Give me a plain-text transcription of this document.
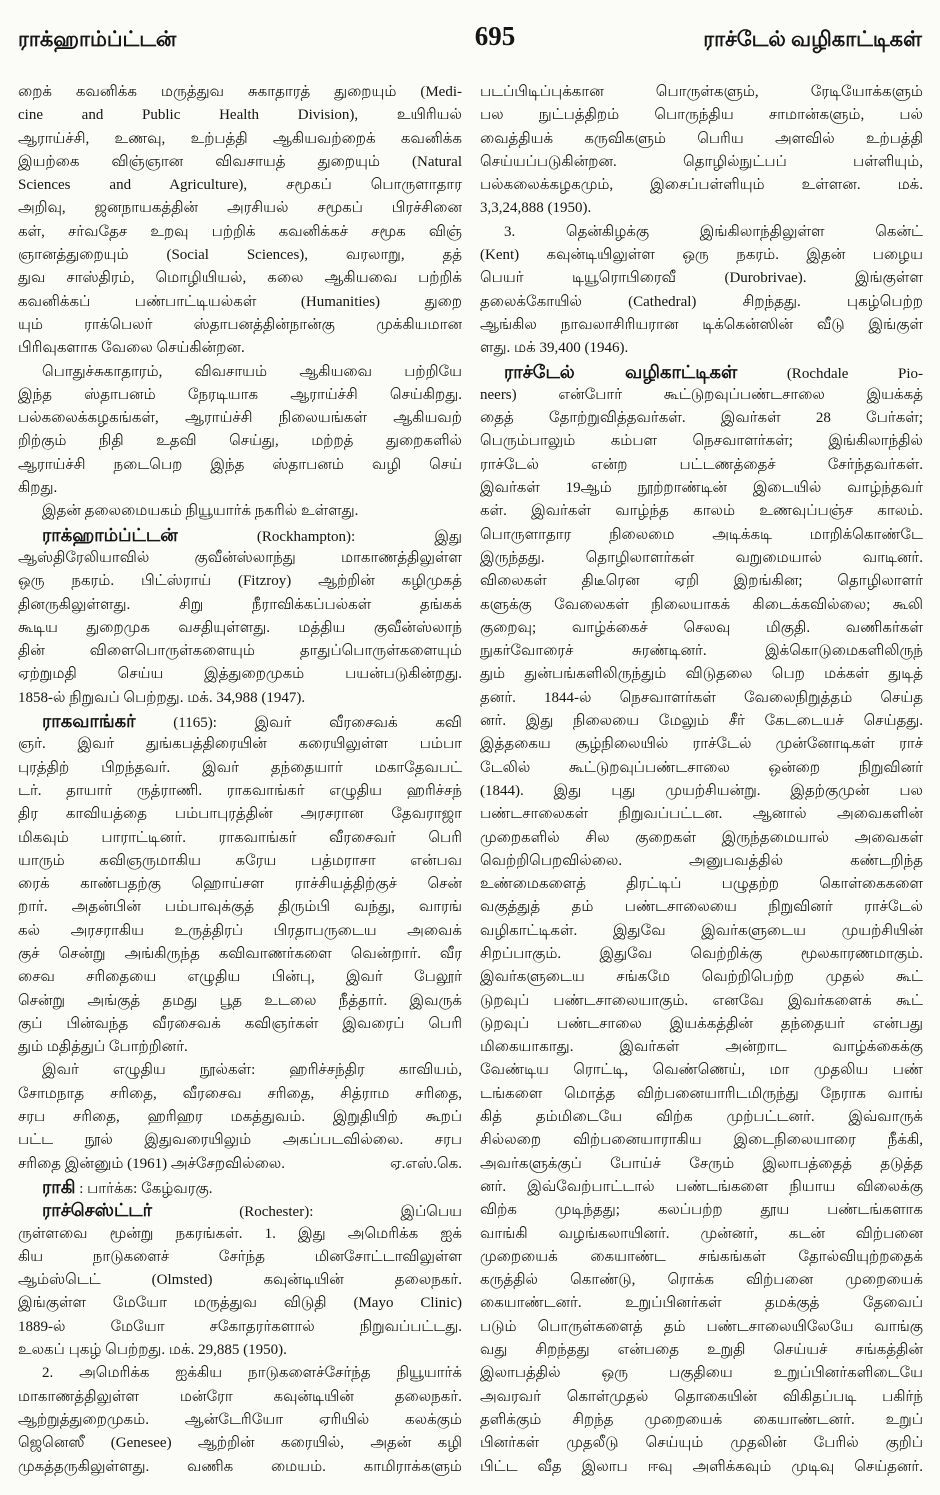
ராக்ஹாம்ப்ட்டன்	695	ராச்டேல் வழிகாட்டிகள்
றைக் கவனிக்க மருத்துவ சுகாதாரத் துறையும் (Medi-
cine and Public Health Division), உயிரியல்
ஆராய்ச்சி, உணவு, உற்பத்தி ஆகியவற்றைக் கவனிக்க
இயற்கை விஞ்ஞான விவசாயத் துறையும் (Natural
Sciences and Agriculture), சமூகப் பொருளாதார
அறிவு, ஜனநாயகத்தின் அரசியல் சமூகப் பிரச்சினை
கள், சர்வதேச உறவு பற்றிக் கவனிக்கச் சமூக விஞ்
ஞானத்துறையும் (Social Sciences), வரலாறு, தத்
துவ சாஸ்திரம், மொழியியல், கலை ஆகியவை பற்றிக்
கவனிக்கப் பண்பாட்டியல்கள் (Humanities) துறை
யும் ராக்பெலர் ஸ்தாபனத்தின்நான்கு முக்கியமான
பிரிவுகளாக வேலை செய்கின்றன.
பொதுச்சுகாதாரம், விவசாயம் ஆகியவை பற்றியே
இந்த ஸ்தாபனம் நேரடியாக ஆராய்ச்சி செய்கிறது.
பல்கலைக்கழகங்கள், ஆராய்ச்சி நிலையங்கள் ஆகியவற்
றிற்கும் நிதி உதவி செய்து, மற்றத் துறைகளில்
ஆராய்ச்சி நடைபெற இந்த ஸ்தாபனம் வழி செய்
கிறது.
இதன் தலைமையகம் நியூயார்க் நகரில் உள்ளது.
ராக்ஹாம்ப்ட்டன் (Rockhampton): இது
ஆஸ்திரேலியாவில் குவீன்ஸ்லாந்து மாகாணத்திலுள்ள
ஒரு நகரம். பிட்ஸ்ராய் (Fitzroy) ஆற்றின் கழிமுகத்
தினருகிலுள்ளது. சிறு நீராவிக்கப்பல்கள் தங்கக்
கூடிய துறைமுக வசதியுள்ளது. மத்திய குவீன்ஸ்லாந்
தின் விளைபொருள்களையும் தாதுப்பொருள்களையும்
ஏற்றுமதி செய்ய இத்துறைமுகம் பயன்படுகின்றது.
1858-ல் நிறுவப் பெற்றது. மக். 34,988 (1947).
ராகவாங்கர் (1165): இவர் வீரசைவக் கவி
ஞர். இவர் துங்கபத்திரையின் கரையிலுள்ள பம்பா
புரத்திற் பிறந்தவர். இவர் தந்தையார் மகாதேவபட்
டர். தாயார் ருத்ராணி. ராகவாங்கர் எழுதிய ஹரிச்சந்
திர காவியத்தை பம்பாபுரத்தின் அரசரான தேவராஜா
மிகவும் பாராட்டினர். ராகவாங்கர் வீரசைவர் பெரி
யாரும் கவிஞருமாகிய கரேய பத்மராசா என்பவ
ரைக் காண்பதற்கு ஹொய்சள ராச்சியத்திற்குச் சென்
றார். அதன்பின் பம்பாவுக்குத் திரும்பி வந்து, வாரங்
கல் அரசராகிய உருத்திரப் பிரதாபருடைய அவைக்
குச் சென்று அங்கிருந்த கவிவாணர்களை வென்றார். வீர
சைவ சரிதையை எழுதிய பின்பு, இவர் பேலூர்
சென்று அங்குத் தமது பூத உடலை நீத்தார். இவருக்
குப் பின்வந்த வீரசைவக் கவிஞர்கள் இவரைப் பெரி
தும் மதித்துப் போற்றினர்.
இவர் எழுதிய நூல்கள்: ஹரிச்சந்திர காவியம்,
சோமநாத சரிதை, வீரசைவ சரிதை, சித்ராம சரிதை,
சரப சரிதை, ஹரிஹர மகத்துவம். இறுதியிற் கூறப்
பட்ட நூல் இதுவரையிலும் அகப்படவில்லை. சரப
ஏ.எஸ்.கெ.
சரிதை இன்னும் (1961) அச்சேறவில்லை.
ராகி : பார்க்க: கேழ்வரகு.
ராச்செஸ்ட்டர் (Rochester): இப்பெய
ருள்ளவை மூன்று நகரங்கள். 1. இது அமெரிக்க ஐக்
கிய நாடுகளைச் சேர்ந்த மினசோட்டாவிலுள்ள
ஆம்ஸ்டெட் (Olmsted) கவுன்டியின் தலைநகர்.
இங்குள்ள மேயோ மருத்துவ விடுதி (Mayo Clinic)
1889-ல் மேயோ சகோதரர்களால் நிறுவப்பட்டது.
உலகப் புகழ் பெற்றது. மக். 29,885 (1950).
2. அமெரிக்க ஐக்கிய நாடுகளைச்சேர்ந்த நியூயார்க்
மாகாணத்திலுள்ள மன்ரோ கவுன்டியின் தலைநகர்.
ஆற்றுத்துறைமுகம். ஆன்டேரியோ ஏரியில் கலக்கும்
ஜெனெஸீ (Genesee) ஆற்றின் கரையில், அதன் கழி
முகத்தருகிலுள்ளது. வணிக மையம். காமிராக்களும்
படப்பிடிப்புக்கான பொருள்களும், ரேடியோக்களும்
பல நுட்பத்திறம் பொருந்திய சாமான்களும், பல்
வைத்தியக் கருவிகளும் பெரிய அளவில் உற்பத்தி
செய்யப்படுகின்றன. தொழில்நுட்பப் பள்ளியும்,
பல்கலைக்கழகமும், இசைப்பள்ளியும் உள்ளன. மக்.
3,3,24,888 (1950).
3. தென்கிழக்கு இங்கிலாந்திலுள்ள கென்ட்
(Kent) கவுன்டியிலுள்ள ஒரு நகரம். இதன் பழைய
பெயர் டியூரொபிரைவீ (Durobrivae). இங்குள்ள
தலைக்கோயில் (Cathedral) சிறந்தது. புகழ்பெற்ற
ஆங்கில நாவலாசிரியரான டிக்கென்ஸின் வீடு இங்குள்
ளது. மக் 39,400 (1946).
ராச்டேல் வழிகாட்டிகள் (Rochdale Pio-
neers) என்போர் கூட்டுறவுப்பண்டசாலை இயக்கத்
தைத் தோற்றுவித்தவர்கள். இவர்கள் 28 பேர்கள்;
பெரும்பாலும் கம்பள நெசவாளர்கள்; இங்கிலாந்தில்
ராச்டேல் என்ற பட்டணத்தைச் சேர்ந்தவர்கள்.
இவர்கள் 19ஆம் நூற்றாண்டின் இடையில் வாழ்ந்தவர்
கள். இவர்கள் வாழ்ந்த காலம் உணவுப்பஞ்ச காலம்.
பொருளாதார நிலைமை அடிக்கடி மாறிக்கொண்டே
இருந்தது. தொழிலாளர்கள் வறுமையால் வாடினர்.
விலைகள் திடீரென ஏறி இறங்கின; தொழிலாளர்
களுக்கு வேலைகள் நிலையாகக் கிடைக்கவில்லை; கூலி
குறைவு; வாழ்க்கைச் செலவு மிகுதி. வணிகர்கள்
நுகர்வோரைச் சுரண்டினர். இக்கொடுமைகளிலிருந்
தும் துன்பங்களிலிருந்தும் விடுதலை பெற மக்கள் துடித்
தனர். 1844-ல் நெசவாளர்கள் வேலைநிறுத்தம் செய்த
னர். இது நிலையை மேலும் சீர் கேடடையச் செய்தது.
இத்தகைய சூழ்நிலையில் ராச்டேல் முன்னோடிகள் ராச்
டேலில் கூட்டுறவுப்பண்டசாலை ஒன்றை நிறுவினர்
(1844). இது புது முயற்சியன்று. இதற்குமுன் பல
பண்டசாலைகள் நிறுவப்பட்டன. ஆனால் அவைகளின்
முறைகளில் சில குறைகள் இருந்தமையால் அவைகள்
வெற்றிபெறவில்லை. அனுபவத்தில் கண்டறிந்த
உண்மைகளைத் திரட்டிப் பழுதற்ற கொள்கைகளை
வகுத்துத் தம் பண்டசாலையை நிறுவினர் ராச்டேல்
வழிகாட்டிகள். இதுவே இவர்களுடைய முயற்சியின்
சிறப்பாகும். இதுவே வெற்றிக்கு மூலகாரணமாகும்.
இவர்களுடைய சங்கமே வெற்றிபெற்ற முதல் கூட்
டுறவுப் பண்டசாலையாகும். எனவே இவர்களைக் கூட்
டுறவுப் பண்டசாலை இயக்கத்தின் தந்தையர் என்பது
மிகையாகாது. இவர்கள் அன்றாட வாழ்க்கைக்கு
வேண்டிய ரொட்டி, வெண்ணெய், மா முதலிய பண்
டங்களை மொத்த விற்பனையாரிடமிருந்து நேராக வாங்
கித் தம்மிடையே விற்க முற்பட்டனர். இவ்வாருக்
சில்லறை விற்பனையாராகிய இடைநிலையாரை நீக்கி,
அவர்களுக்குப் போய்ச் சேரும் இலாபத்தைத் தடுத்த
னர். இவ்வேற்பாட்டால் பண்டங்களை நியாய விலைக்கு
விற்க முடிந்தது; கலப்பற்ற தூய பண்டங்களாக
வாங்கி வழங்கலாயினர். முன்னர், கடன் விற்பனை
முறையைக் கையாண்ட சங்கங்கள் தோல்வியுற்றதைக்
கருத்தில் கொண்டு, ரொக்க விற்பனை முறையைக்
கையாண்டனர். உறுப்பினர்கள் தமக்குத் தேவைப்
படும் பொருள்களைத் தம் பண்டசாலையிலேயே வாங்கு
வது சிறந்தது என்பதை உறுதி செய்யச் சங்கத்தின்
இலாபத்தில் ஒரு பகுதியை உறுப்பினர்களிடையே
அவரவர் கொள்முதல் தொகையின் விகிதப்படி பகிர்ந்
தளிக்கும் சிறந்த முறையைக் கையாண்டனர். உறுப்
பினர்கள் முதலீடு செய்யும் முதலின் பேரில் குறிப்
பிட்ட வீத இலாப ஈவு அளிக்கவும் முடிவு செய்தனர்.
